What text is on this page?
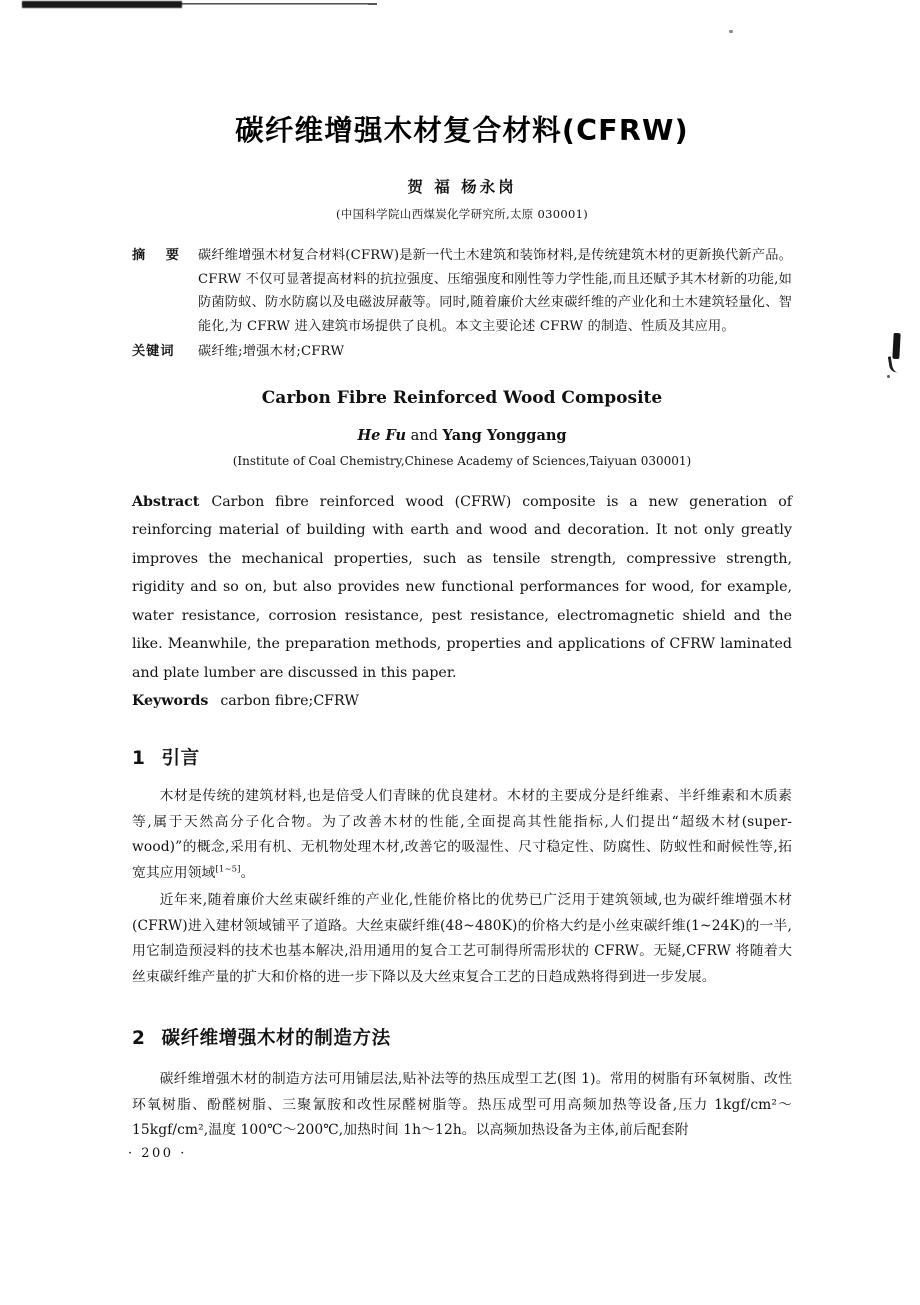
碳纤维增强木材复合材料(CFRW)

贺 福 杨永岗

(中国科学院山西煤炭化学研究所,太原 030001)

摘 要 碳纤维增强木材复合材料(CFRW)是新一代土木建筑和装饰材料,是传统建筑木材的更新换代新产品。CFRW 不仅可显著提高材料的抗拉强度、压缩强度和刚性等力学性能,而且还赋予其木材新的功能,如防菌防蚁、防水防腐以及电磁波屏蔽等。同时,随着廉价大丝束碳纤维的产业化和土木建筑轻量化、智能化,为 CFRW 进入建筑市场提供了良机。本文主要论述 CFRW 的制造、性质及其应用。
关键词	碳纤维;增强木材;CFRW
Carbon Fibre Reinforced Wood Composite

He Fu and Yang Yonggang

(Institute of Coal Chemistry,Chinese Academy of Sciences,Taiyuan 030001)

Abstract Carbon fibre reinforced wood (CFRW) composite is a new generation of reinforcing material of building with earth and wood and decoration. It not only greatly improves the mechanical properties, such as tensile strength, compressive strength, rigidity and so on, but also provides new functional performances for wood, for example, water resistance, corrosion resistance, pest resistance, electromagnetic shield and the like. Meanwhile, the preparation methods, properties and applications of CFRW laminated and plate lumber are discussed in this paper.

Keywords carbon fibre;CFRW

1 引言

木材是传统的建筑材料,也是倍受人们青睐的优良建材。木材的主要成分是纤维素、半纤维素和木质素等,属于天然高分子化合物。为了改善木材的性能,全面提高其性能指标,人们提出“超级木材(super-wood)”的概念,采用有机、无机物处理木材,改善它的吸湿性、尺寸稳定性、防腐性、防蚁性和耐候性等,拓宽其应用领域[1~5]。

近年来,随着廉价大丝束碳纤维的产业化,性能价格比的优势已广泛用于建筑领域,也为碳纤维增强木材(CFRW)进入建材领域铺平了道路。大丝束碳纤维(48~480K)的价格大约是小丝束碳纤维(1~24K)的一半,用它制造预浸料的技术也基本解决,沿用通用的复合工艺可制得所需形状的 CFRW。无疑,CFRW 将随着大丝束碳纤维产量的扩大和价格的进一步下降以及大丝束复合工艺的日趋成熟将得到进一步发展。

2 碳纤维增强木材的制造方法

碳纤维增强木材的制造方法可用铺层法,贴补法等的热压成型工艺(图 1)。常用的树脂有环氧树脂、改性环氧树脂、酚醛树脂、三聚氰胺和改性尿醛树脂等。热压成型可用高频加热等设备,压力 1kgf/cm²～15kgf/cm²,温度 100℃～200℃,加热时间 1h～12h。以高频加热设备为主体,前后配套附

· 200 ·
